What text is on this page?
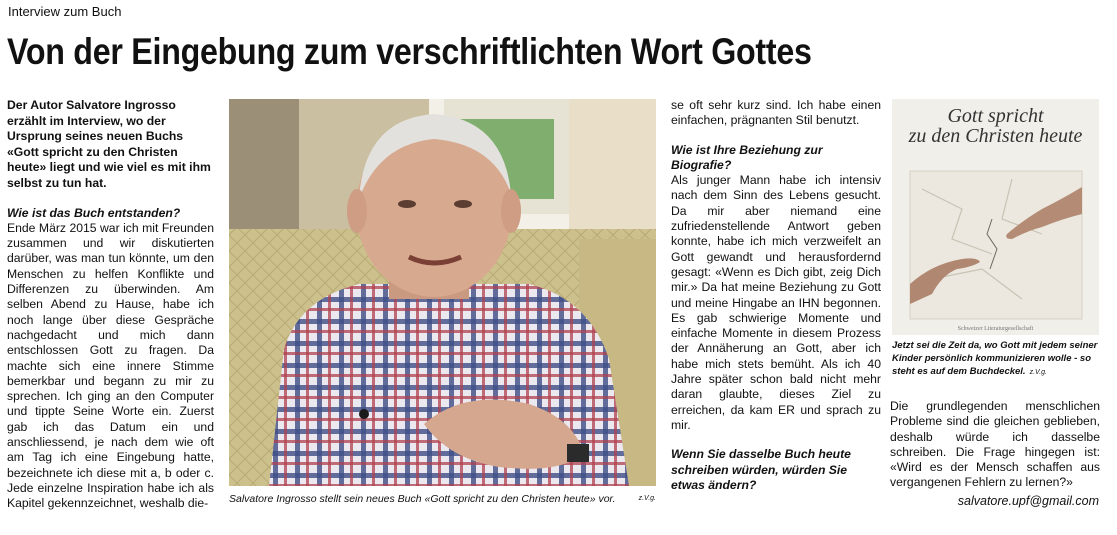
Interview zum Buch
Von der Eingebung zum verschriftlichten Wort Gottes

Der Autor Salvatore Ingrosso erzählt im Interview, wo der Ursprung seines neuen Buchs «Gott spricht zu den Christen heute» liegt und wie viel es mit ihm selbst zu tun hat.

Wie ist das Buch entstanden?

Ende März 2015 war ich mit Freunden zusammen und wir diskutierten darüber, was man tun könnte, um den Menschen zu helfen Konflikte und Differenzen zu überwinden. Am selben Abend zu Hause, habe ich noch lange über diese Gespräche nachgedacht und mich dann entschlossen Gott zu fragen. Da machte sich eine innere Stimme bemerkbar und begann zu mir zu sprechen. Ich ging an den Computer und tippte Seine Worte ein. Zuerst gab ich das Datum ein und anschliessend, je nach dem wie oft am Tag ich eine Eingebung hatte, bezeichnete ich diese mit a, b oder c. Jede einzelne Inspiration habe ich als Kapitel gekennzeichnet, weshalb die-	Salvatore Ingrosso stellt sein neues Buch «Gott spricht zu den Christen heute» vor.	z.V.g.

se oft sehr kurz sind. Ich habe einen einfachen, prägnanten Stil benutzt.

Wie ist Ihre Beziehung zur Biografie?

Als junger Mann habe ich intensiv nach dem Sinn des Lebens gesucht. Da mir aber niemand eine zufriedenstellende Antwort geben konnte, habe ich mich verzweifelt an Gott gewandt und herausfordernd gesagt: «Wenn es Dich gibt, zeig Dich mir.» Da hat meine Beziehung zu Gott und meine Hingabe an IHN begonnen. Es gab schwierige Momente und einfache Momente in diesem Prozess der Annäherung an Gott, aber ich habe mich stets bemüht. Als ich 40 Jahre später schon bald nicht mehr daran glaubte, dieses Ziel zu erreichen, da kam ER und sprach zu mir.

Wenn Sie dasselbe Buch heute schreiben würden, würden Sie etwas ändern?

Gott spricht
zu den Christen heute
Schweizer Literaturgesellschaft
Jetzt sei die Zeit da, wo Gott mit jedem seiner Kinder persönlich kommunizieren wolle - so steht es auf dem Buchdeckel. z.V.g.

Die grundlegenden menschlichen Probleme sind die gleichen geblieben, deshalb würde ich dasselbe schreiben. Die Frage hingegen ist: «Wird es der Mensch schaffen aus vergangenen Fehlern zu lernen?»

salvatore.upf@gmail.com
